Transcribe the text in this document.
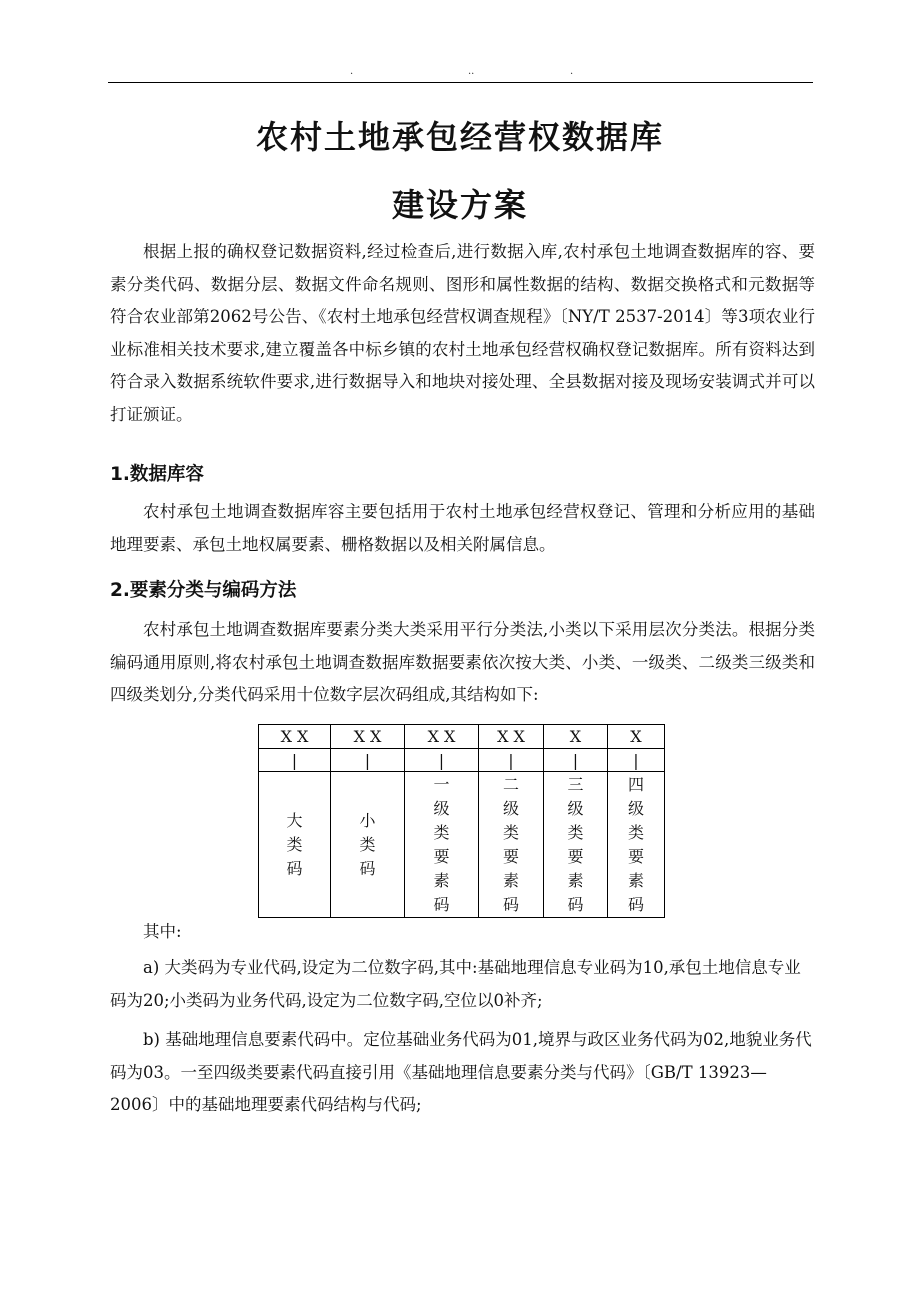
.	..	.
农村土地承包经营权数据库
建设方案
根据上报的确权登记数据资料,经过检查后,进行数据入库,农村承包土地调查数据库的容、要素分类代码、数据分层、数据文件命名规则、图形和属性数据的结构、数据交换格式和元数据等符合农业部第2062号公告、《农村土地承包经营权调查规程》〔NY/T 2537-2014〕等3项农业行业标准相关技术要求,建立覆盖各中标乡镇的农村土地承包经营权确权登记数据库。所有资料达到符合录入数据系统软件要求,进行数据导入和地块对接处理、全县数据对接及现场安装调式并可以打证颁证。
1.数据库容
农村承包土地调查数据库容主要包括用于农村土地承包经营权登记、管理和分析应用的基础地理要素、承包土地权属要素、栅格数据以及相关附属信息。
2.要素分类与编码方法
农村承包土地调查数据库要素分类大类采用平行分类法,小类以下采用层次分类法。根据分类编码通用原则,将农村承包土地调查数据库数据要素依次按大类、小类、一级类、二级类三级类和四级类划分,分类代码采用十位数字层次码组成,其结构如下:
X X	X X	X X	X X	X	X
|	|	|	|	|	|
大类码	小类码	一级类要素码	二级类要素码	三级类要素码	四级类要素码
其中:
a) 大类码为专业代码,设定为二位数字码,其中:基础地理信息专业码为10,承包土地信息专业码为20;小类码为业务代码,设定为二位数字码,空位以0补齐;
b) 基础地理信息要素代码中。定位基础业务代码为01,境界与政区业务代码为02,地貌业务代码为03。一至四级类要素代码直接引用《基础地理信息要素分类与代码》〔GB/T 13923—2006〕中的基础地理要素代码结构与代码;
